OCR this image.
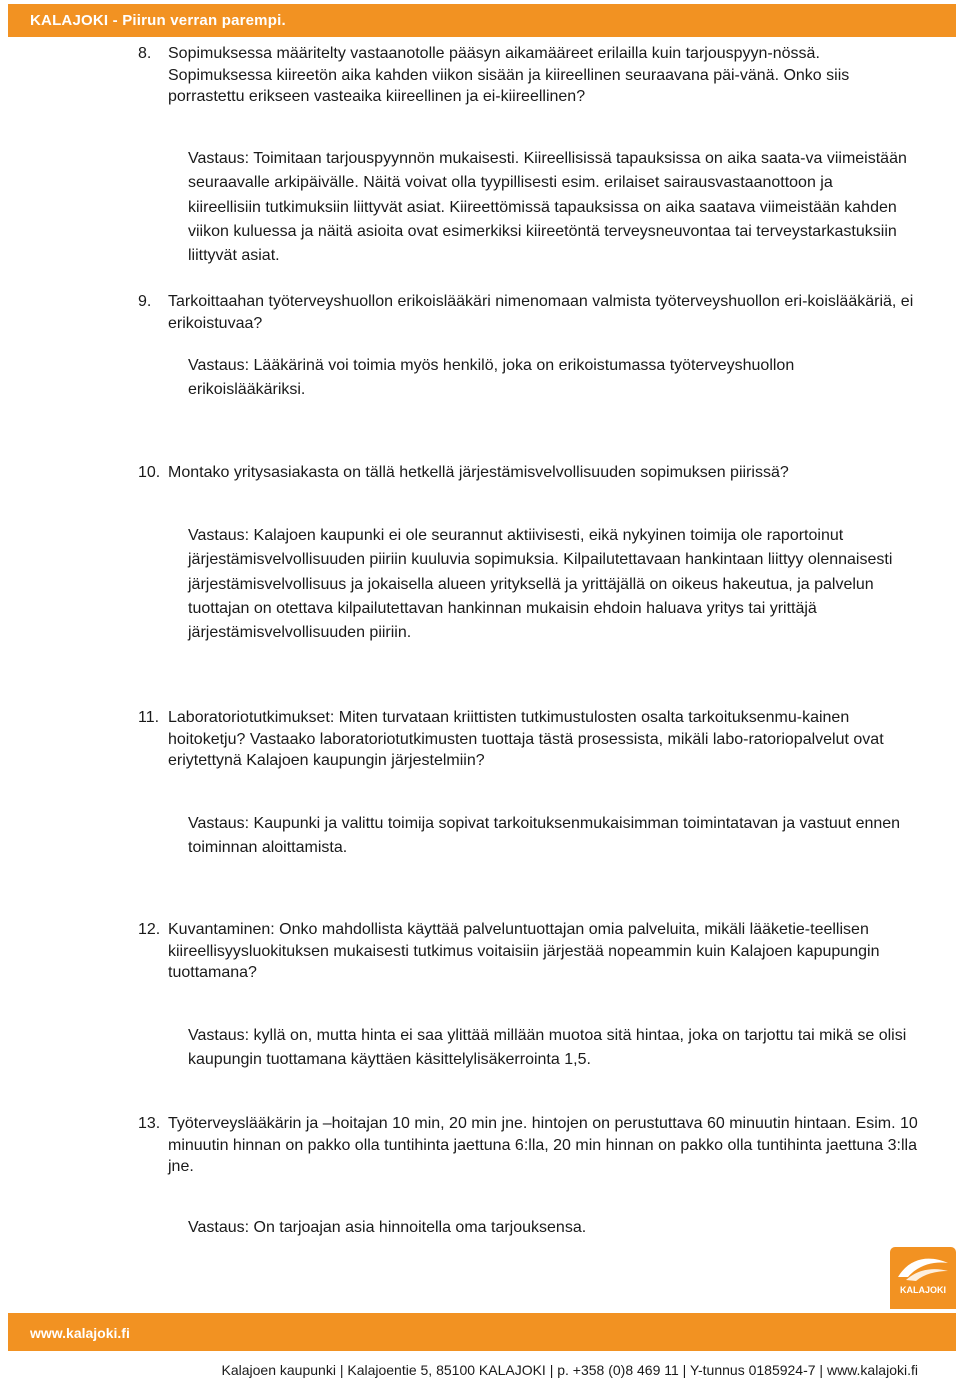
KALAJOKI - Piirun verran parempi.
8. Sopimuksessa määritelty vastaanotolle pääsyn aikamääreet erilailla kuin tarjouspyyn-nössä. Sopimuksessa kiireetön aika kahden viikon sisään ja kiireellinen seuraavana päi-vänä. Onko siis porrastettu erikseen vasteaika kiireellinen ja ei-kiireellinen?
Vastaus: Toimitaan tarjouspyynnön mukaisesti. Kiireellisissä tapauksissa on aika saata-va viimeistään seuraavalle arkipäivälle. Näitä voivat olla tyypillisesti esim. erilaiset sairausvastaanottoon ja kiireellisiin tutkimuksiin liittyvät asiat. Kiireettömissä tapauksissa on aika saatava viimeistään kahden viikon kuluessa ja näitä asioita ovat esimerkiksi kiireetöntä terveysneuvontaa tai terveystarkastuksiin liittyvät asiat.
9. Tarkoittaahan työterveyshuollon erikoislääkäri nimenomaan valmista työterveyshuollon eri-koislääkäriä, ei erikoistuvaa?
Vastaus: Lääkärinä voi toimia myös henkilö, joka on erikoistumassa työterveyshuollon erikoislääkäriksi.
10. Montako yritysasiakasta on tällä hetkellä järjestämisvelvollisuuden sopimuksen piirissä?
Vastaus: Kalajoen kaupunki ei ole seurannut aktiivisesti, eikä nykyinen toimija ole raportoinut järjestämisvelvollisuuden piiriin kuuluvia sopimuksia. Kilpailutettavaan hankintaan liittyy olennaisesti järjestämisvelvollisuus ja jokaisella alueen yrityksellä ja yrittäjällä on oikeus hakeutua, ja palvelun tuottajan on otettava kilpailutettavan hankinnan mukaisin ehdoin haluava yritys tai yrittäjä järjestämisvelvollisuuden piiriin.
11. Laboratoriotutkimukset: Miten turvataan kriittisten tutkimustulosten osalta tarkoituksenmu-kainen hoitoketju? Vastaako laboratoriotutkimusten tuottaja tästä prosessista, mikäli labo-ratoriopalvelut ovat eriytettynä Kalajoen kaupungin järjestelmiin?
Vastaus: Kaupunki ja valittu toimija sopivat tarkoituksenmukaisimman toimintatavan ja vastuut ennen toiminnan aloittamista.
12. Kuvantaminen: Onko mahdollista käyttää palveluntuottajan omia palveluita, mikäli lääketie-teellisen kiireellisyysluokituksen mukaisesti tutkimus voitaisiin järjestää nopeammin kuin Kalajoen kapupungin tuottamana?
Vastaus: kyllä on, mutta hinta ei saa ylittää millään muotoa sitä hintaa, joka on tarjottu tai mikä se olisi kaupungin tuottamana käyttäen käsittelylisäkerrointa 1,5.
13. Työterveyslääkärin ja –hoitajan 10 min, 20 min jne. hintojen on perustuttava 60 minuutin hintaan. Esim. 10 minuutin hinnan on pakko olla tuntihinta jaettuna 6:lla, 20 min hinnan on pakko olla tuntihinta jaettuna 3:lla jne.
Vastaus: On tarjoajan asia hinnoitella oma tarjouksensa.
KALAJOKI
www.kalajoki.fi
Kalajoen kaupunki | Kalajoentie 5, 85100 KALAJOKI | p. +358 (0)8 469 11 | Y-tunnus 0185924-7 | www.kalajoki.fi
